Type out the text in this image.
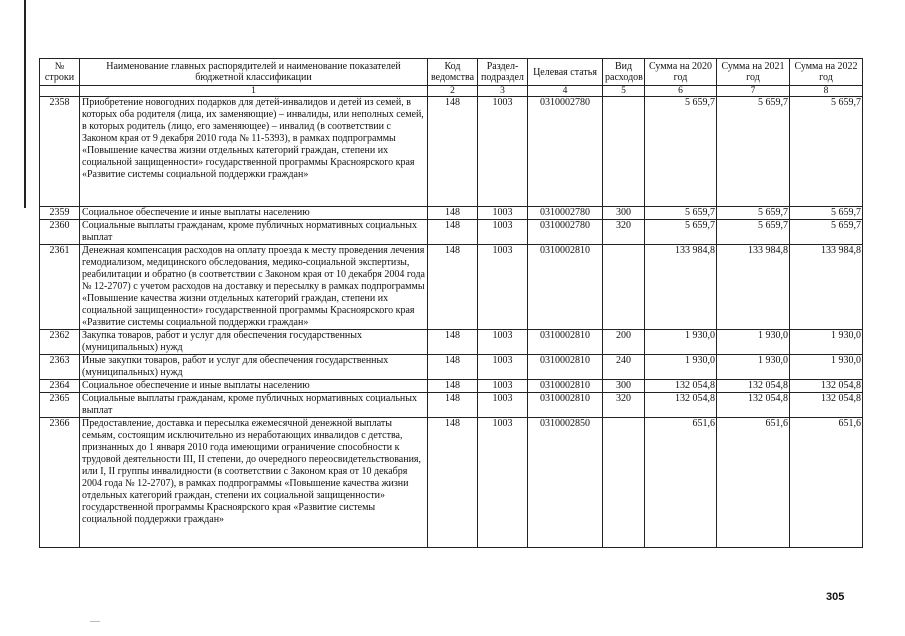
№ строки	Наименование главных распорядителей и наименование показателей бюджетной классификации	Код ведомства	Раздел-подраздел	Целевая статья	Вид расходов	Сумма на 2020 год	Сумма на 2021 год	Сумма на 2022 год
	1	2	3	4	5	6	7	8
2358	Приобретение новогодних подарков для детей-инвалидов и детей из семей, в которых оба родителя (лица, их заменяющие) – инвалиды, или неполных семей, в которых родитель (лицо, его заменяющее) – инвалид (в соответствии с Законом края от 9 декабря 2010 года № 11-5393), в рамках подпрограммы «Повышение качества жизни отдельных категорий граждан, степени их социальной защищенности» государственной программы Красноярского края «Развитие системы социальной поддержки граждан»	148	1003	0310002780		5 659,7	5 659,7	5 659,7
2359	Социальное обеспечение и иные выплаты населению	148	1003	0310002780	300	5 659,7	5 659,7	5 659,7
2360	Социальные выплаты гражданам, кроме публичных нормативных социальных выплат	148	1003	0310002780	320	5 659,7	5 659,7	5 659,7
2361	Денежная компенсация расходов на оплату проезда к месту проведения лечения гемодиализом, медицинского обследования, медико-социальной экспертизы, реабилитации и обратно (в соответствии с Законом края от 10 декабря 2004 года № 12-2707) с учетом расходов на доставку и пересылку в рамках подпрограммы «Повышение качества жизни отдельных категорий граждан, степени их социальной защищенности» государственной программы Красноярского края «Развитие системы социальной поддержки граждан»	148	1003	0310002810		133 984,8	133 984,8	133 984,8
2362	Закупка товаров, работ и услуг для обеспечения государственных (муниципальных) нужд	148	1003	0310002810	200	1 930,0	1 930,0	1 930,0
2363	Иные закупки товаров, работ и услуг для обеспечения государственных (муниципальных) нужд	148	1003	0310002810	240	1 930,0	1 930,0	1 930,0
2364	Социальное обеспечение и иные выплаты населению	148	1003	0310002810	300	132 054,8	132 054,8	132 054,8
2365	Социальные выплаты гражданам, кроме публичных нормативных социальных выплат	148	1003	0310002810	320	132 054,8	132 054,8	132 054,8
2366	Предоставление, доставка и пересылка ежемесячной денежной выплаты семьям, состоящим исключительно из неработающих инвалидов с детства, признанных до 1 января 2010 года имеющими ограничение способности к трудовой деятельности III, II степени, до очередного переосвидетельствования, или I, II группы инвалидности (в соответствии с Законом края от 10 декабря 2004 года № 12-2707), в рамках подпрограммы «Повышение качества жизни отдельных категорий граждан, степени их социальной защищенности» государственной программы Красноярского края «Развитие системы социальной поддержки граждан»	148	1003	0310002850		651,6	651,6	651,6
305
